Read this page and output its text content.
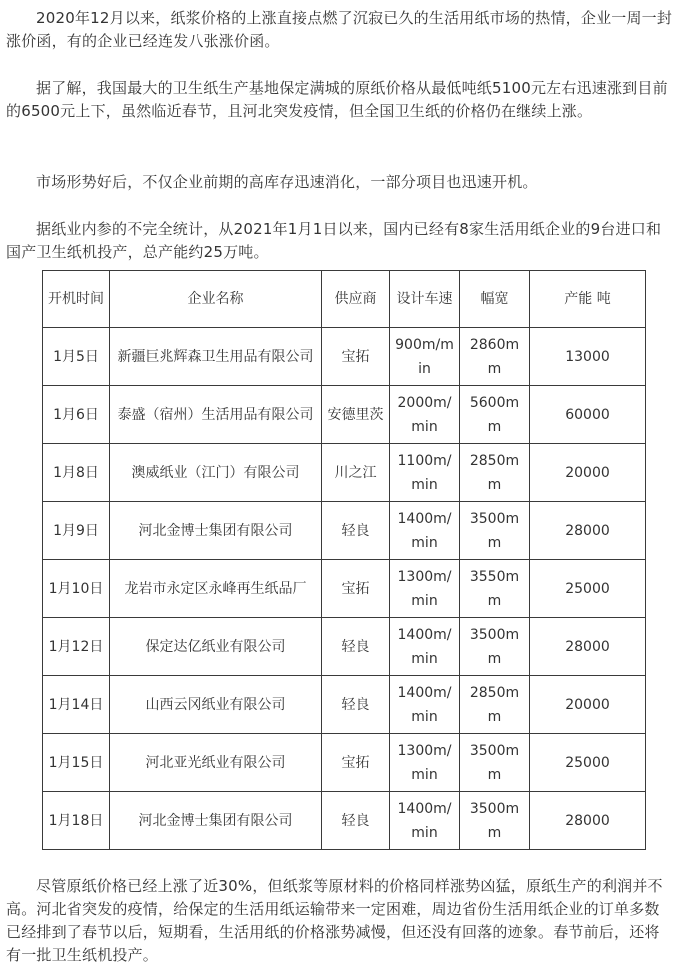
2020年12月以来，纸浆价格的上涨直接点燃了沉寂已久的生活用纸市场的热情，企业一周一封涨价函，有的企业已经连发八张涨价函。

据了解，我国最大的卫生纸生产基地保定满城的原纸价格从最低吨纸5100元左右迅速涨到目前的6500元上下，虽然临近春节，且河北突发疫情，但全国卫生纸的价格仍在继续上涨。

市场形势好后，不仅企业前期的高库存迅速消化，一部分项目也迅速开机。

据纸业内参的不完全统计，从2021年1月1日以来，国内已经有8家生活用纸企业的9台进口和国产卫生纸机投产，总产能约25万吨。

开机时间	企业名称	供应商	设计车速	幅宽	产能 吨
1月5日	新疆巨兆辉森卫生用品有限公司	宝拓	900m/min	2860mm	13000
1月6日	泰盛（宿州）生活用品有限公司	安德里茨	2000m/min	5600mm	60000
1月8日	澳威纸业（江门）有限公司	川之江	1100m/min	2850mm	20000
1月9日	河北金博士集团有限公司	轻良	1400m/min	3500mm	28000
1月10日	龙岩市永定区永峰再生纸品厂	宝拓	1300m/min	3550mm	25000
1月12日	保定达亿纸业有限公司	轻良	1400m/min	3500mm	28000
1月14日	山西云冈纸业有限公司	轻良	1400m/min	2850mm	20000
1月15日	河北亚光纸业有限公司	宝拓	1300m/min	3500mm	25000
1月18日	河北金博士集团有限公司	轻良	1400m/min	3500mm	28000

尽管原纸价格已经上涨了近30%，但纸浆等原材料的价格同样涨势凶猛，原纸生产的利润并不高。河北省突发的疫情，给保定的生活用纸运输带来一定困难，周边省份生活用纸企业的订单多数已经排到了春节以后，短期看，生活用纸的价格涨势减慢，但还没有回落的迹象。春节前后，还将有一批卫生纸机投产。
